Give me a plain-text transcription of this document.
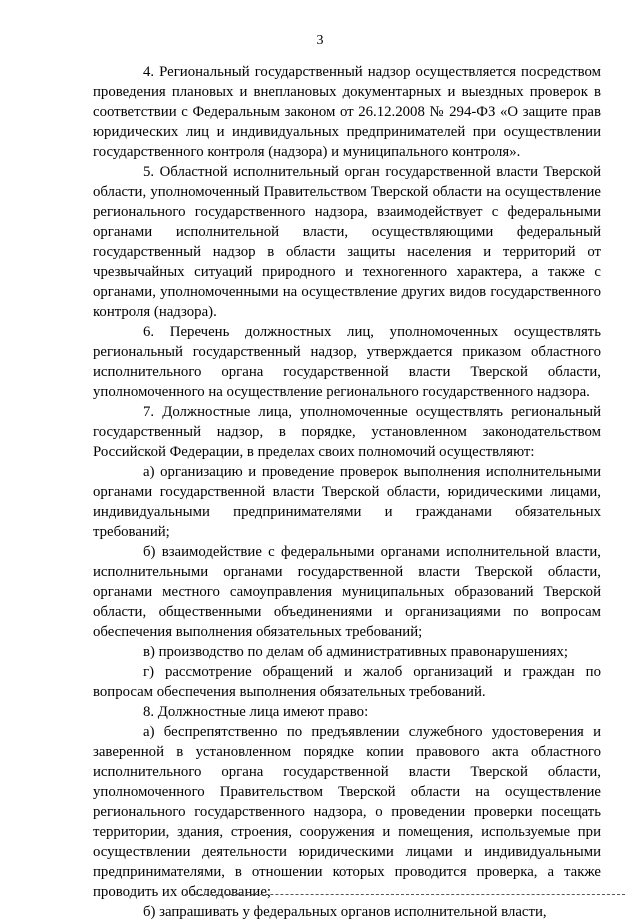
3

4. Региональный государственный надзор осуществляется посредством проведения плановых и внеплановых документарных и выездных проверок в соответствии с Федеральным законом от 26.12.2008 № 294-ФЗ «О защите прав юридических лиц и индивидуальных предпринимателей при осуществлении государственного контроля (надзора) и муниципального контроля».

5. Областной исполнительный орган государственной власти Тверской области, уполномоченный Правительством Тверской области на осуществление регионального государственного надзора, взаимодействует с федеральными органами исполнительной власти, осуществляющими федеральный государственный надзор в области защиты населения и территорий от чрезвычайных ситуаций природного и техногенного характера, а также с органами, уполномоченными на осуществление других видов государственного контроля (надзора).

6. Перечень должностных лиц, уполномоченных осуществлять региональный государственный надзор, утверждается приказом областного исполнительного органа государственной власти Тверской области, уполномоченного на осуществление регионального государственного надзора.

7. Должностные лица, уполномоченные осуществлять региональный государственный надзор, в порядке, установленном законодательством Российской Федерации, в пределах своих полномочий осуществляют:

а) организацию и проведение проверок выполнения исполнительными органами государственной власти Тверской области, юридическими лицами, индивидуальными предпринимателями и гражданами обязательных требований;

б) взаимодействие с федеральными органами исполнительной власти, исполнительными органами государственной власти Тверской области, органами местного самоуправления муниципальных образований Тверской области, общественными объединениями и организациями по вопросам обеспечения выполнения обязательных требований;

в) производство по делам об административных правонарушениях;

г) рассмотрение обращений и жалоб организаций и граждан по вопросам обеспечения выполнения обязательных требований.

8. Должностные лица имеют право:

а) беспрепятственно по предъявлении служебного удостоверения и заверенной в установленном порядке копии правового акта областного исполнительного органа государственной власти Тверской области, уполномоченного Правительством Тверской области на осуществление регионального государственного надзора, о проведении проверки посещать территории, здания, строения, сооружения и помещения, используемые при осуществлении деятельности юридическими лицами и индивидуальными предпринимателями, в отношении которых проводится проверка, а также проводить их обследование;

б) запрашивать у федеральных органов исполнительной власти,
